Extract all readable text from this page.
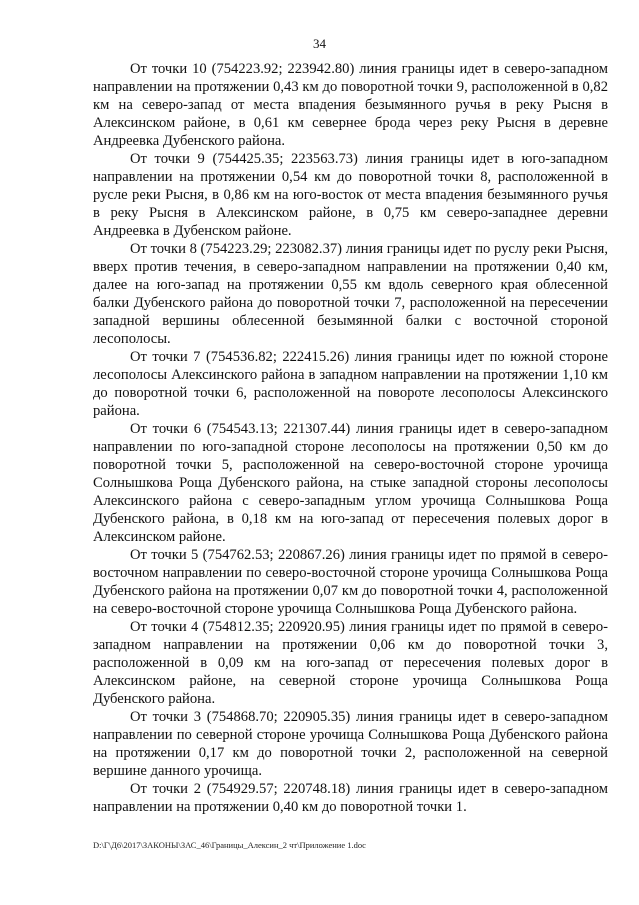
34

От точки 10 (754223.92; 223942.80) линия границы идет в северо-западном направлении на протяжении 0,43 км до поворотной точки 9, расположенной в 0,82 км на северо-запад от места впадения безымянного ручья в реку Рысня в Алексинском районе, в 0,61 км севернее брода через реку Рысня в деревне Андреевка Дубенского района.

От точки 9 (754425.35; 223563.73) линия границы идет в юго-западном направлении на протяжении 0,54 км до поворотной точки 8, расположенной в русле реки Рысня, в 0,86 км на юго-восток от места впадения безымянного ручья в реку Рысня в Алексинском районе, в 0,75 км северо-западнее деревни Андреевка в Дубенском районе.

От точки 8 (754223.29; 223082.37) линия границы идет по руслу реки Рысня, вверх против течения, в северо-западном направлении на протяжении 0,40 км, далее на юго-запад на протяжении 0,55 км вдоль северного края облесенной балки Дубенского района до поворотной точки 7, расположенной на пересечении западной вершины облесенной безымянной балки с восточной стороной лесополосы.

От точки 7 (754536.82; 222415.26) линия границы идет по южной стороне лесополосы Алексинского района в западном направлении на протяжении 1,10 км до поворотной точки 6, расположенной на повороте лесополосы Алексинского района.

От точки 6 (754543.13; 221307.44) линия границы идет в северо-западном направлении по юго-западной стороне лесополосы на протяжении 0,50 км до поворотной точки 5, расположенной на северо-восточной стороне урочища Солнышкова Роща Дубенского района, на стыке западной стороны лесополосы Алексинского района с северо-западным углом урочища Солнышкова Роща Дубенского района, в 0,18 км на юго-запад от пересечения полевых дорог в Алексинском районе.

От точки 5 (754762.53; 220867.26) линия границы идет по прямой в северо-восточном направлении по северо-восточной стороне урочища Солнышкова Роща Дубенского района на протяжении 0,07 км до поворотной точки 4, расположенной на северо-восточной стороне урочища Солнышкова Роща Дубенского района.

От точки 4 (754812.35; 220920.95) линия границы идет по прямой в северо-западном направлении на протяжении 0,06 км до поворотной точки 3, расположенной в 0,09 км на юго-запад от пересечения полевых дорог в Алексинском районе, на северной стороне урочища Солнышкова Роща Дубенского района.

От точки 3 (754868.70; 220905.35) линия границы идет в северо-западном направлении по северной стороне урочища Солнышкова Роща Дубенского района на протяжении 0,17 км до поворотной точки 2, расположенной на северной вершине данного урочища.

От точки 2 (754929.57; 220748.18) линия границы идет в северо-западном направлении на протяжении 0,40 км до поворотной точки 1.

D:\Г\Д6\2017\ЗАКОНЫ\ЗАС_46\Границы_Алексин_2 чт\Приложение 1.doc
